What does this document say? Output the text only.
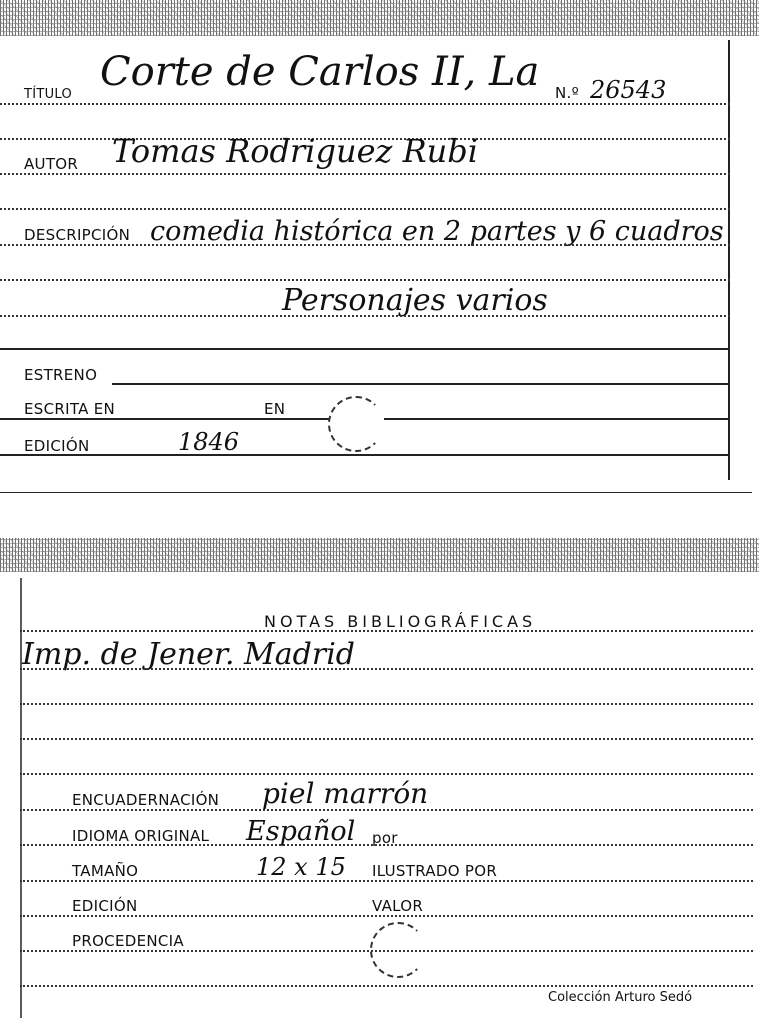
TÍTULO Corte de Carlos II, La N.º 26543
AUTOR Tomas Rodriguez Rubi
DESCRIPCIÓN comedia histórica en 2 partes y 6 cuadros
Personajes varios
ESTRENO
ESCRITA EN	EN
EDICIÓN	1846
NOTAS BIBLIOGRÁFICAS
Imp. de Jener. Madrid
ENCUADERNACIÓN piel marrón
IDIOMA ORIGINAL Español por
TAMAÑO	12 x 15 ILUSTRADO POR
EDICIÓN	VALOR
PROCEDENCIA
Colección Arturo Sedó
